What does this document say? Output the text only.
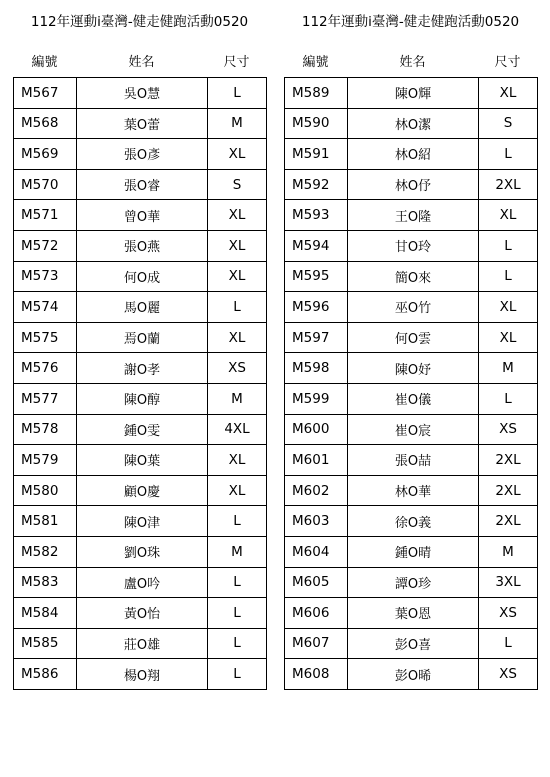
112年運動i臺灣-健走健跑活動0520
編號	姓名	尺寸
M567	吳O慧	L
M568	葉O蕾	M
M569	張O彥	XL
M570	張O睿	S
M571	曾O華	XL
M572	張O燕	XL
M573	何O成	XL
M574	馬O麗	L
M575	焉O蘭	XL
M576	謝O孝	XS
M577	陳O醇	M
M578	鍾O雯	4XL
M579	陳O葉	XL
M580	顧O慶	XL
M581	陳O津	L
M582	劉O珠	M
M583	盧O吟	L
M584	黃O怡	L
M585	莊O雄	L
M586	楊O翔	L
112年運動i臺灣-健走健跑活動0520
編號	姓名	尺寸
M589	陳O輝	XL
M590	林O潔	S
M591	林O紹	L
M592	林O伃	2XL
M593	王O隆	XL
M594	甘O玲	L
M595	簡O來	L
M596	巫O竹	XL
M597	何O雲	XL
M598	陳O妤	M
M599	崔O儀	L
M600	崔O宸	XS
M601	張O喆	2XL
M602	林O華	2XL
M603	徐O義	2XL
M604	鍾O晴	M
M605	譚O珍	3XL
M606	葉O恩	XS
M607	彭O喜	L
M608	彭O晞	XS
